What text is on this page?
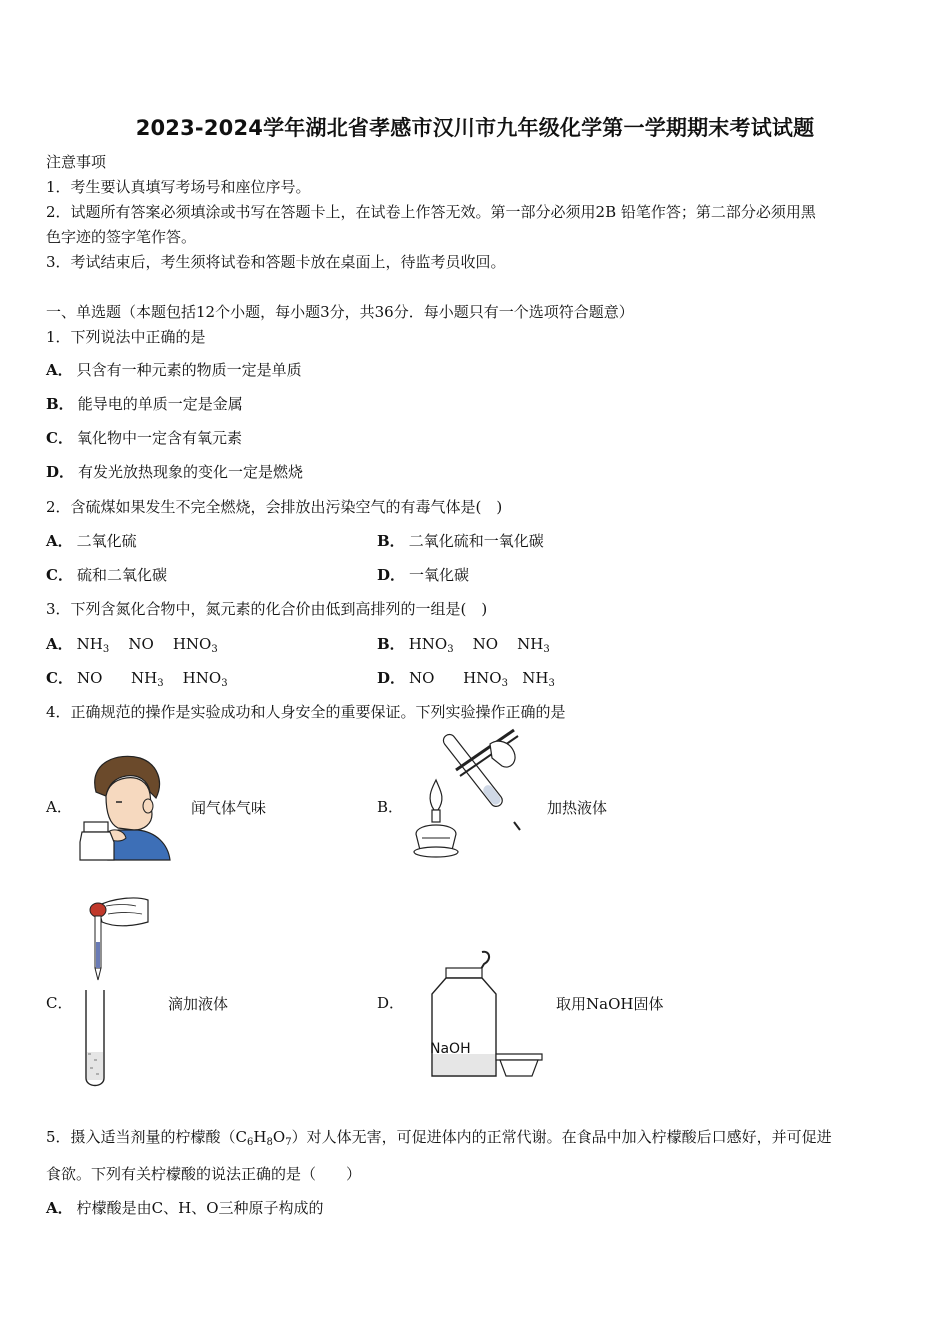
2023-2024学年湖北省孝感市汉川市九年级化学第一学期期末考试试题
注意事项
1．考生要认真填写考场号和座位序号。
2．试题所有答案必须填涂或书写在答题卡上，在试卷上作答无效。第一部分必须用2B 铅笔作答；第二部分必须用黑
色字迹的签字笔作答。
3．考试结束后，考生须将试卷和答题卡放在桌面上，待监考员收回。
一、单选题（本题包括12个小题，每小题3分，共36分．每小题只有一个选项符合题意）
1．下列说法中正确的是
A． 只含有一种元素的物质一定是单质
B． 能导电的单质一定是金属
C． 氧化物中一定含有氧元素
D． 有发光放热现象的变化一定是燃烧
2．含硫煤如果发生不完全燃烧，会排放出污染空气的有毒气体是(　)
A． 二氧化硫	B． 二氧化硫和一氧化碳
C． 硫和二氧化碳	D． 一氧化碳
3．下列含氮化合物中，氮元素的化合价由低到高排列的一组是(　)
A． $NH_3$ NO $HNO_3$	B． $HNO_3$ NO $NH_3$
C． NO $NH_3$ $HNO_3$	D． NO $HNO_3$ $NH_3$
4．正确规范的操作是实验成功和人身安全的重要保证。下列实验操作正确的是
A．	闻气体气味	B．	加热液体
C．	滴加液体	D．
NaOH
取用NaOH固体
5．摄入适当剂量的柠檬酸$(C_6H_8O_7)$对人体无害，可促进体内的正常代谢。在食品中加入柠檬酸后口感好，并可促进
食欲。下列有关柠檬酸的说法正确的是（　　）
A． 柠檬酸是由C、H、O三种原子构成的
